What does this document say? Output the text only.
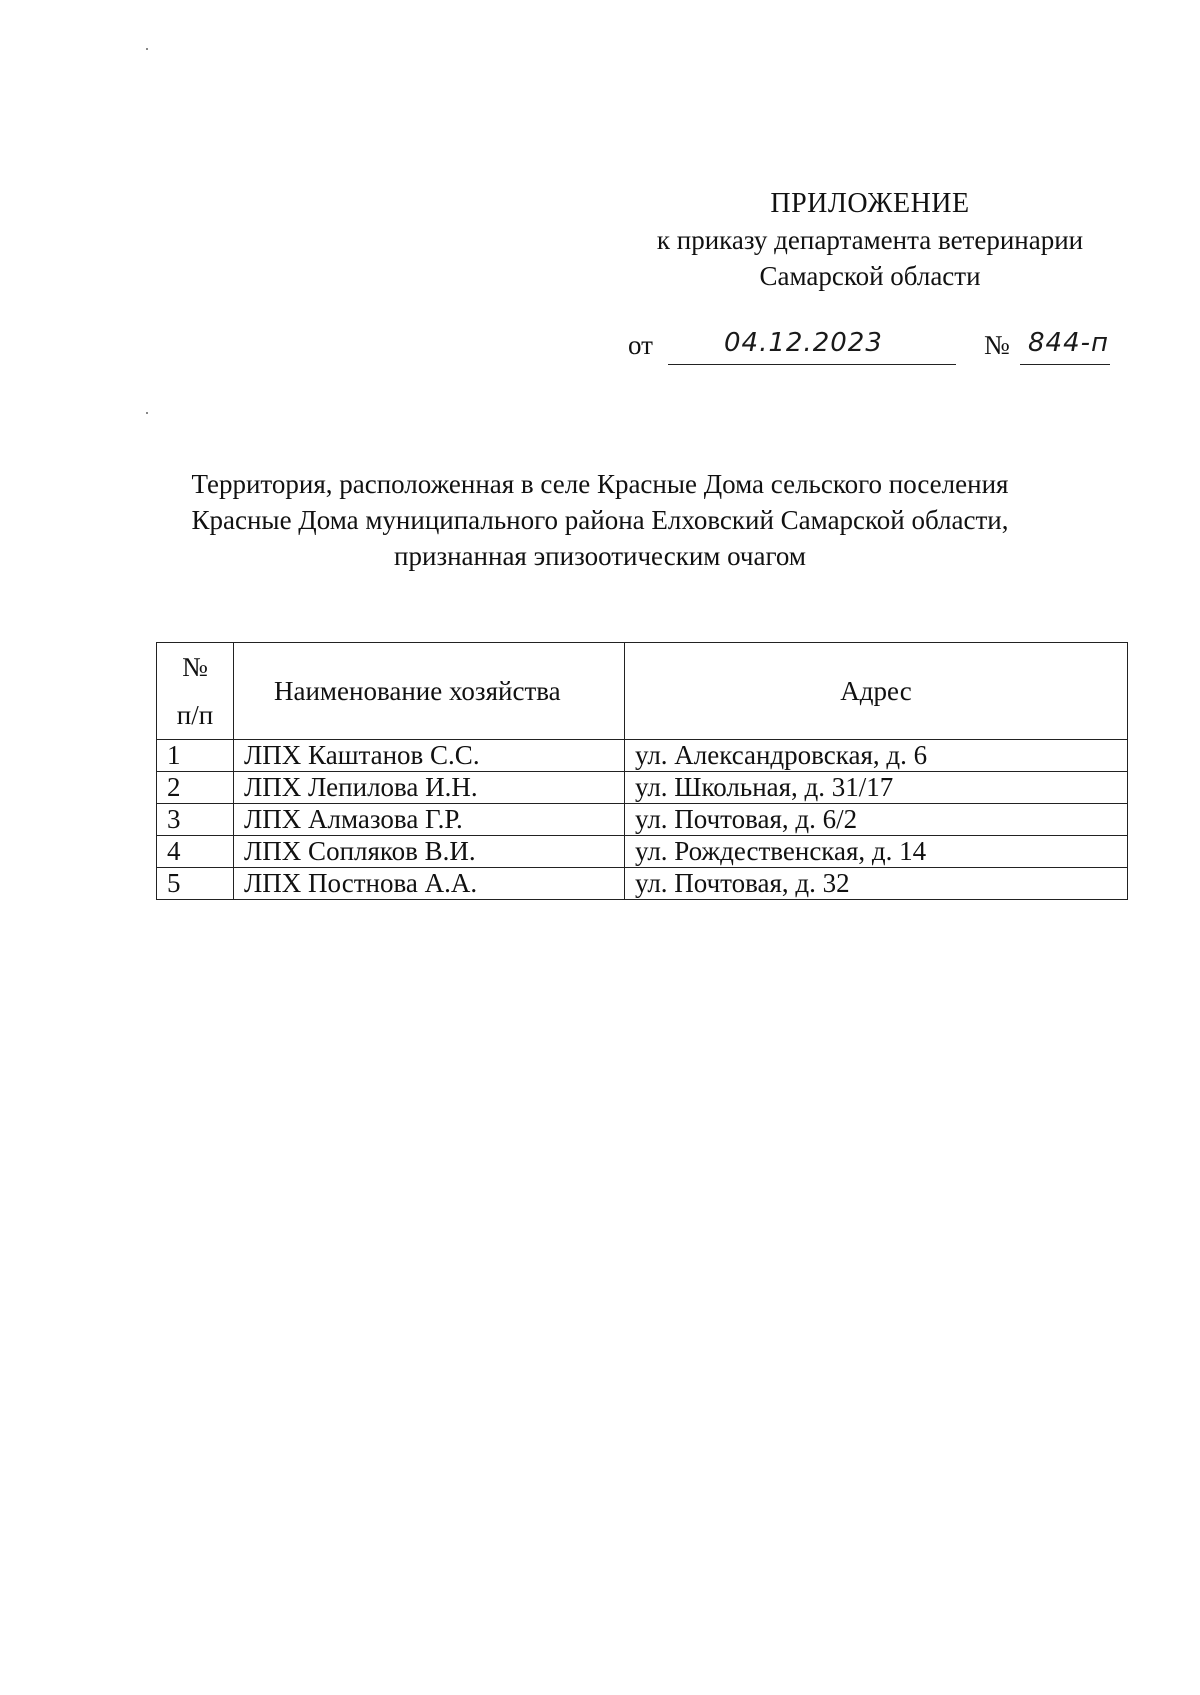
ПРИЛОЖЕНИЕ
к приказу департамента ветеринарии
Самарской области
от	04.12.2023	№ 844-п
Территория, расположенная в селе Красные Дома сельского поселения
Красные Дома муниципального района Елховский Самарской области,
признанная эпизоотическим очагом
№
п/п	Наименование хозяйства	Адрес
1	ЛПХ Каштанов С.С.	ул. Александровская, д. 6
2	ЛПХ Лепилова И.Н.	ул. Школьная, д. 31/17
3	ЛПХ Алмазова Г.Р.	ул. Почтовая, д. 6/2
4	ЛПХ Сопляков В.И.	ул. Рождественская, д. 14
5	ЛПХ Постнова А.А.	ул. Почтовая, д. 32
